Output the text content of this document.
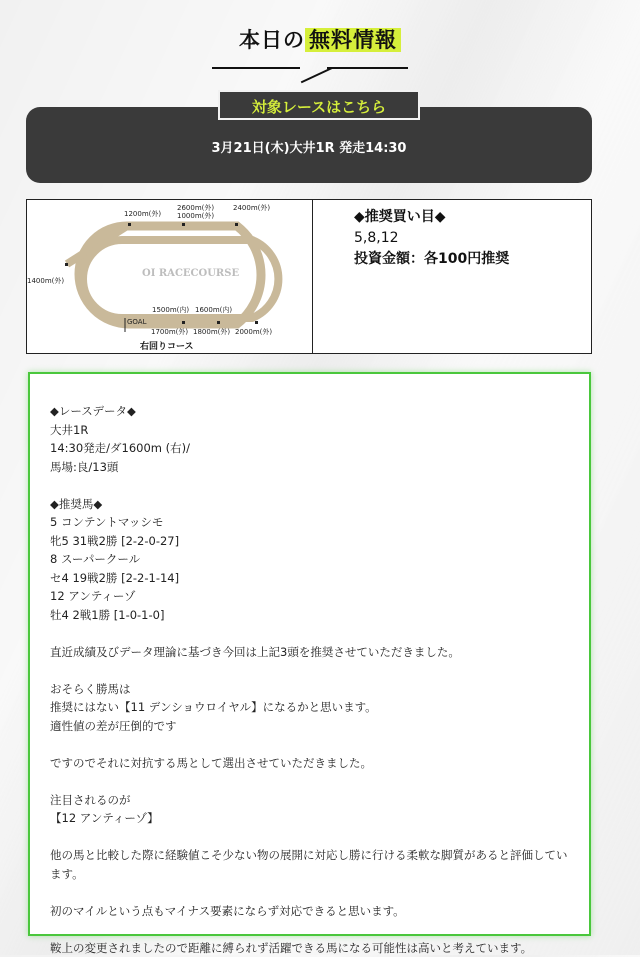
本日の 無料情報
対象レースはこちら
3月21日(木)大井1R 発走14:30
OI RACECOURSE
1200m(外)
2600m(外)
1000m(外)
2400m(外)
1400m(外)
1500m(内) 1600m(内)
GOAL
1700m(外) 1800m(外) 2000m(外)
右回りコース
◆推奨買い目◆
5,8,12
投資金額：各100円推奨

◆レースデータ◆

大井1R

14:30発走/ダ1600m (右)/

馬場:良/13頭

◆推奨馬◆

5 コンテントマッシモ

牝5 31戦2勝 [2-2-0-27]

8 スーパークール

セ4 19戦2勝 [2-2-1-14]

12 アンティーゾ

牡4 2戦1勝 [1-0-1-0]

直近成績及びデータ理論に基づき今回は上記3頭を推奨させていただきました。

おそらく勝馬は

推奨にはない【11 デンショウロイヤル】になるかと思います。

適性値の差が圧倒的です

ですのでそれに対抗する馬として選出させていただきました。

注目されるのが

【12 アンティーゾ】

他の馬と比較した際に経験値こそ少ない物の展開に対応し勝に行ける柔軟な脚質があると評価してい

ます。

初のマイルという点もマイナス要素にならず対応できると思います。

鞍上の変更されましたので距離に縛られず活躍できる馬になる可能性は高いと考えています。
